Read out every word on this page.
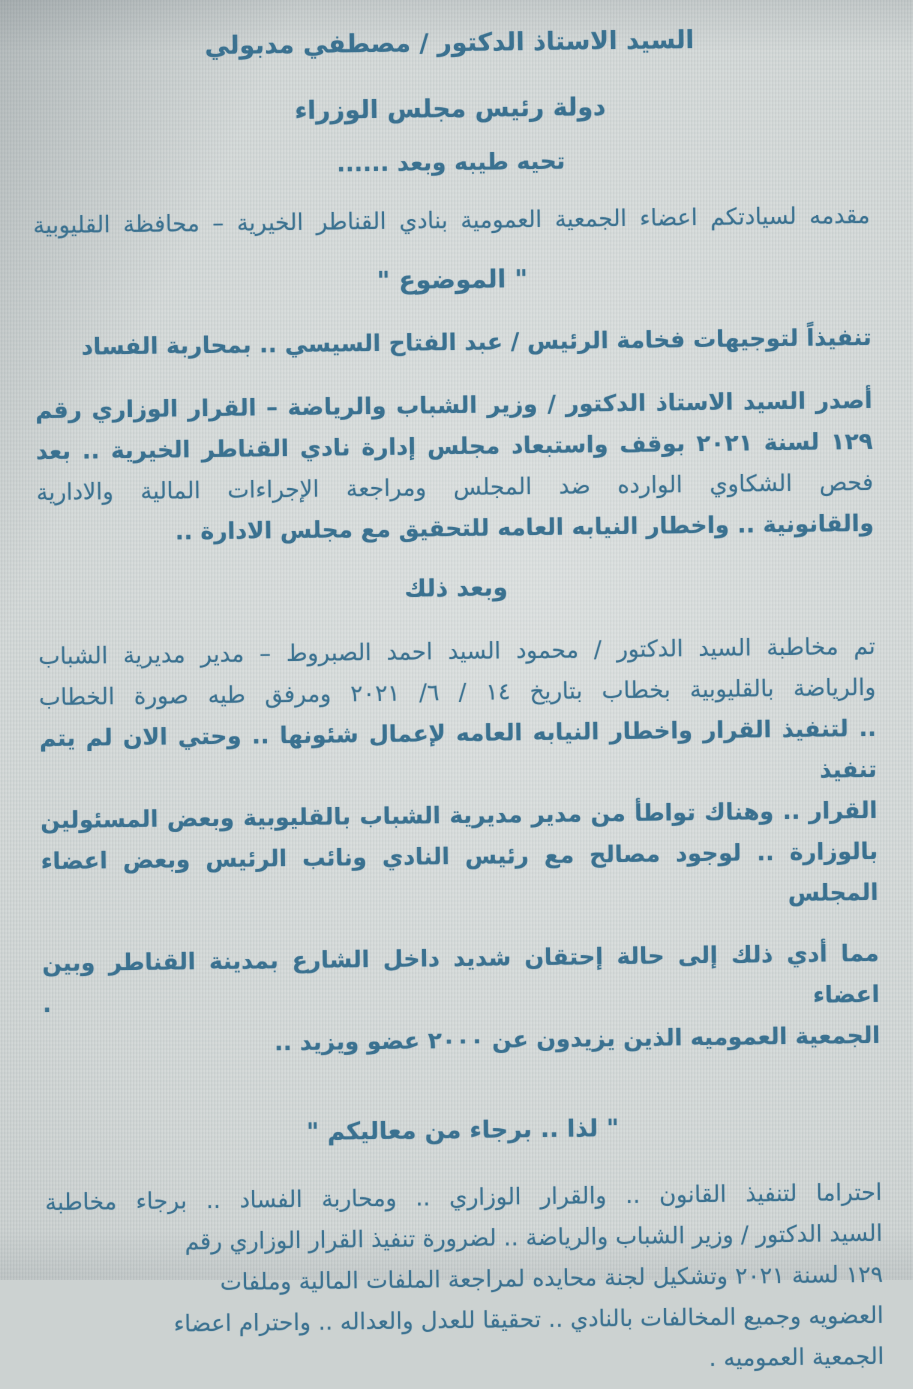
السيد الاستاذ الدكتور / مصطفي مدبولي
دولة رئيس مجلس الوزراء
تحيه طيبه وبعد ......
مقدمه لسيادتكم اعضاء الجمعية العمومية بنادي القناطر الخيرية – محافظة القليوبية
" الموضوع "
تنفيذاً لتوجيهات فخامة الرئيس / عبد الفتاح السيسي .. بمحاربة الفساد
أصدر السيد الاستاذ الدكتور / وزير الشباب والرياضة – القرار الوزاري رقم
١٢٩ لسنة ٢٠٢١ بوقف واستبعاد مجلس إدارة نادي القناطر الخيرية .. بعد
فحص الشكاوي الوارده ضد المجلس ومراجعة الإجراءات المالية والادارية
والقانونية .. واخطار النيابه العامه للتحقيق مع مجلس الادارة ..
وبعد ذلك
تم مخاطبة السيد الدكتور / محمود السيد احمد الصبروط – مدير مديرية الشباب
والرياضة بالقليوبية بخطاب بتاريخ ١٤ / ٦/ ٢٠٢١ ومرفق طيه صورة الخطاب
.. لتنفيذ القرار واخطار النيابه العامه لإعمال شئونها .. وحتي الان لم يتم تنفيذ
القرار .. وهناك تواطأ من مدير مديرية الشباب بالقليوبية وبعض المسئولين
بالوزارة .. لوجود مصالح مع رئيس النادي ونائب الرئيس وبعض اعضاء
المجلس
مما أدي ذلك إلى حالة إحتقان شديد داخل الشارع بمدينة القناطر وبين اعضاء .
الجمعية العموميه الذين يزيدون عن ٢٠٠٠ عضو ويزيد ..
" لذا .. برجاء من معاليكم "
احتراما لتنفيذ القانون .. والقرار الوزاري .. ومحاربة الفساد .. برجاء مخاطبة
السيد الدكتور / وزير الشباب والرياضة .. لضرورة تنفيذ القرار الوزاري رقم
١٢٩ لسنة ٢٠٢١ وتشكيل لجنة محايده لمراجعة الملفات المالية وملفات
العضويه وجميع المخالفات بالنادي .. تحقيقا للعدل والعداله .. واحترام اعضاء
الجمعية العموميه .
